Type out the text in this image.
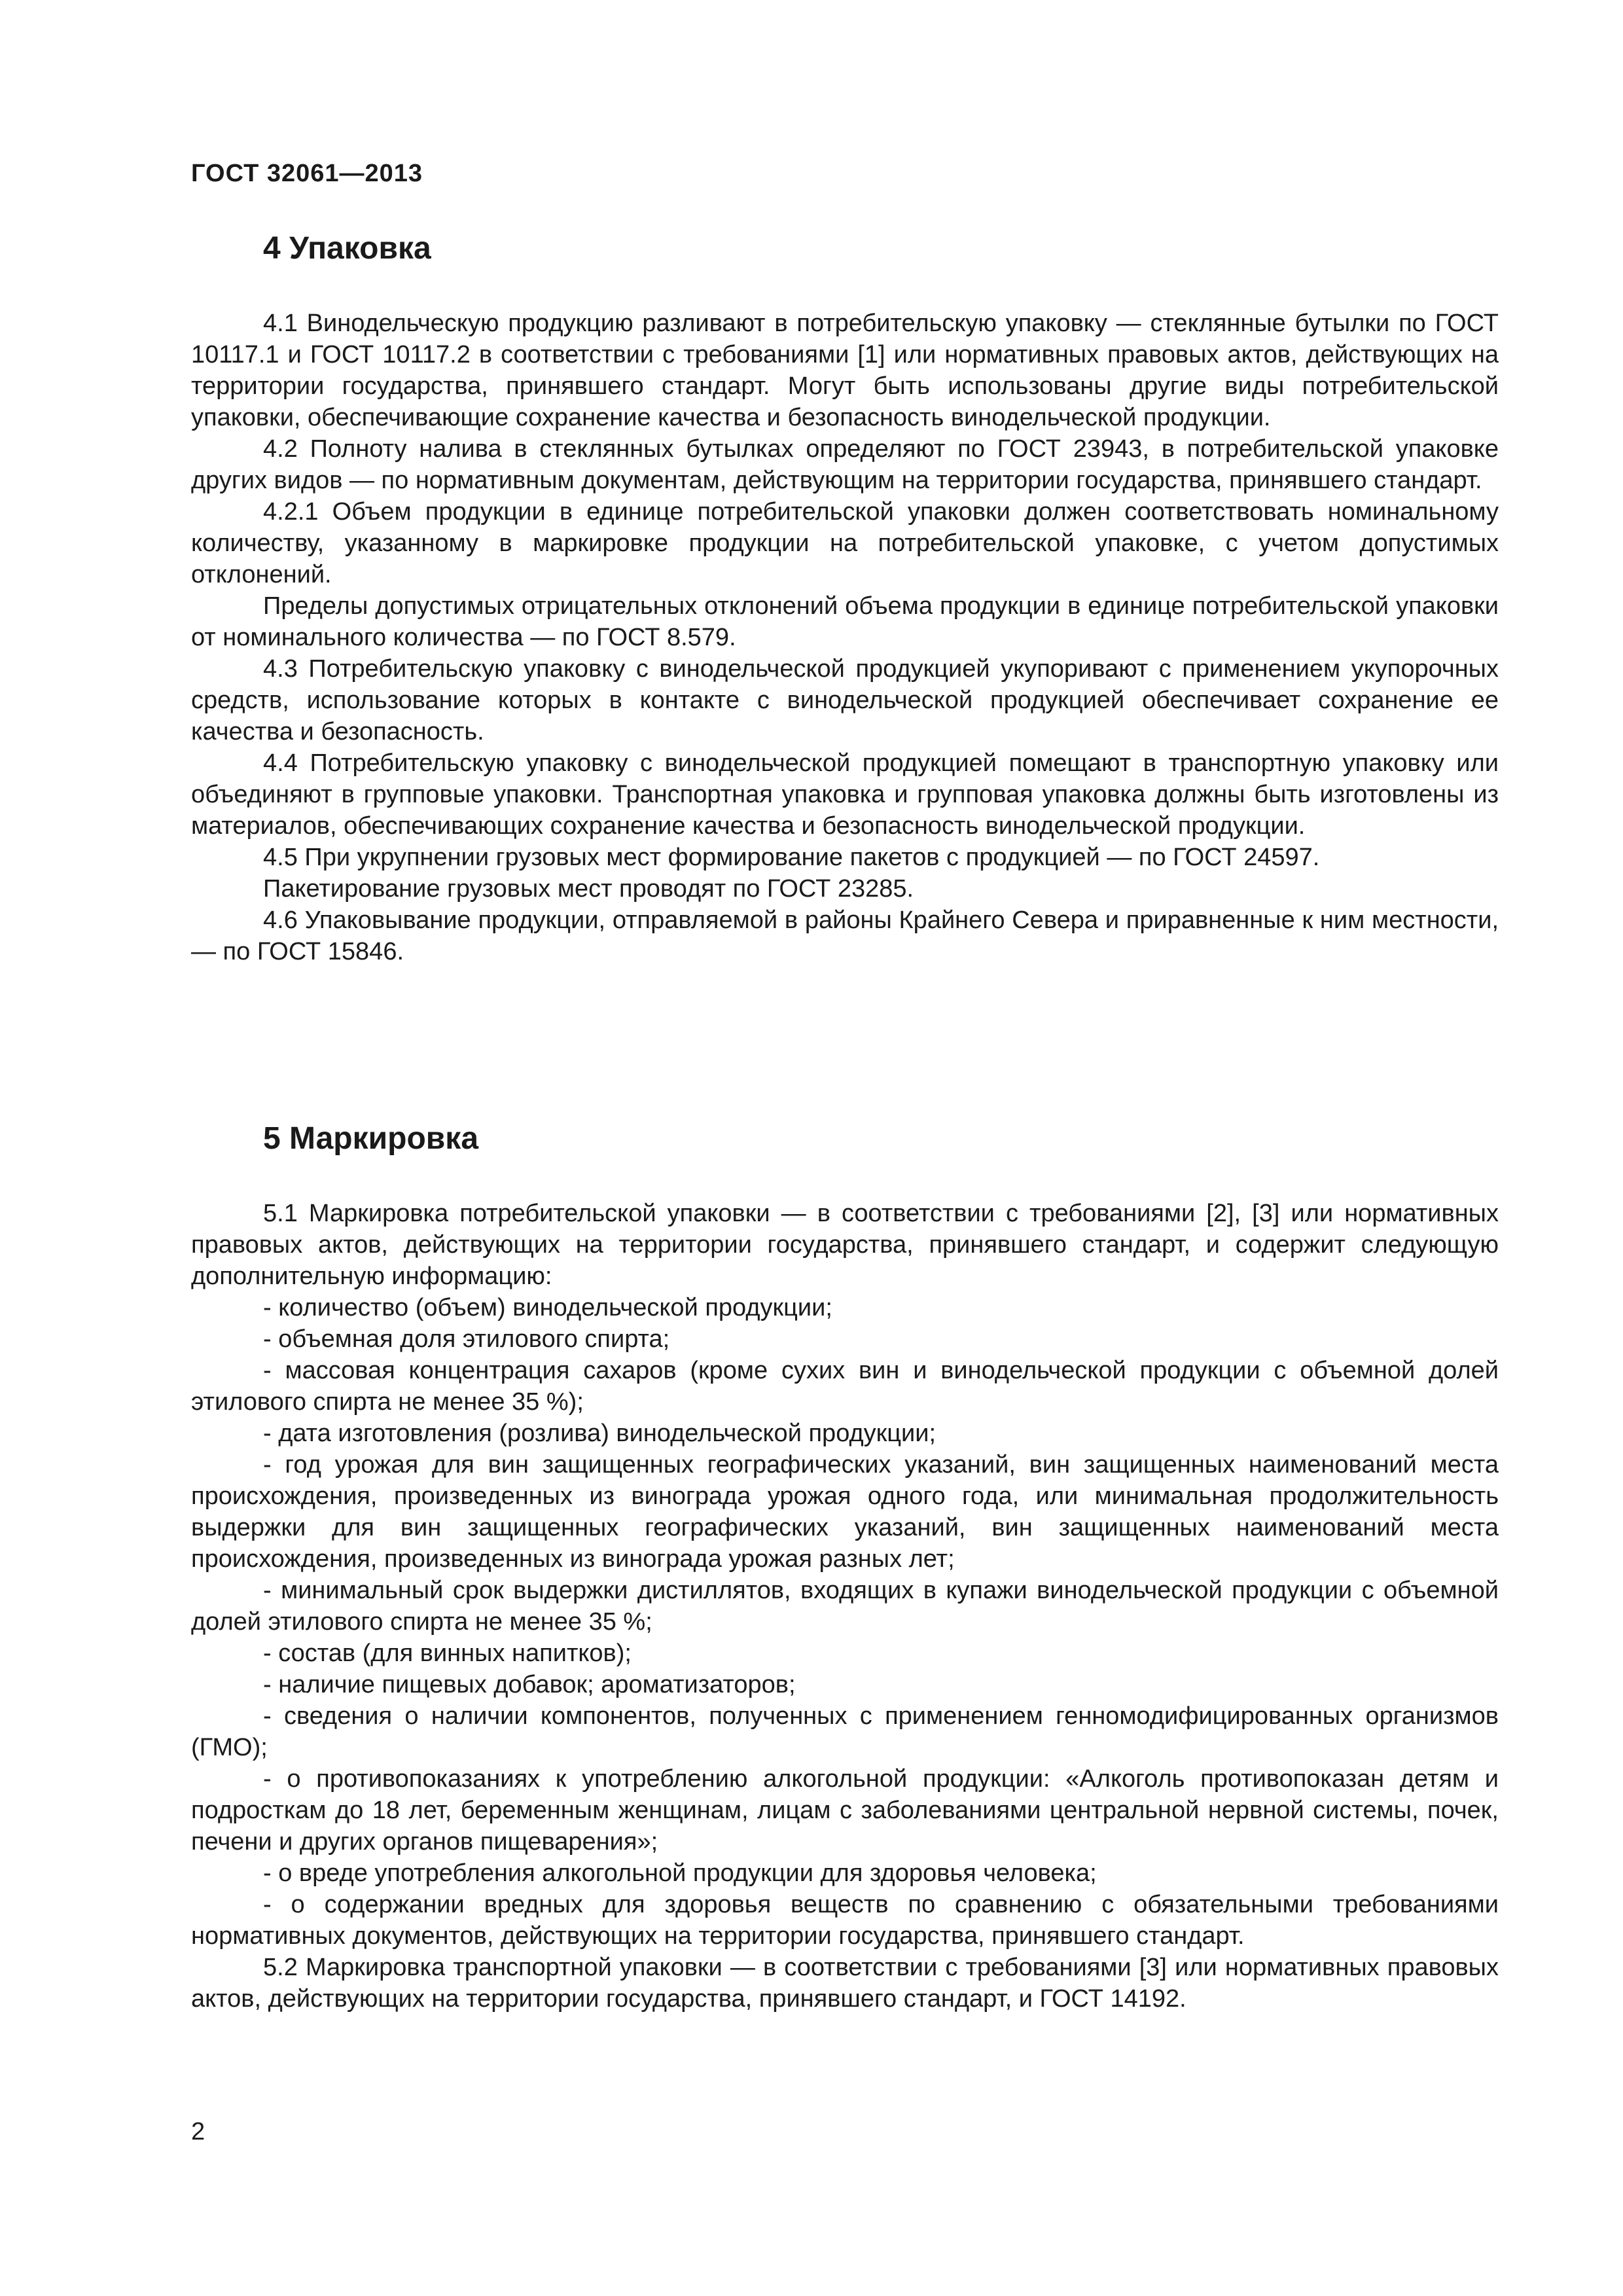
ГОСТ 32061—2013
4 Упаковка

4.1 Винодельческую продукцию разливают в потребительскую упаковку — стеклянные бутылки по ГОСТ 10117.1 и ГОСТ 10117.2 в соответствии с требованиями [1] или нормативных правовых актов, действующих на территории государства, принявшего стандарт. Могут быть использованы другие виды потребительской упаковки, обеспечивающие сохранение качества и безопасность винодельческой продукции.

4.2 Полноту налива в стеклянных бутылках определяют по ГОСТ 23943, в потребительской упаковке других видов — по нормативным документам, действующим на территории государства, принявшего стандарт.

4.2.1 Объем продукции в единице потребительской упаковки должен соответствовать номинальному количеству, указанному в маркировке продукции на потребительской упаковке, с учетом допустимых отклонений.

Пределы допустимых отрицательных отклонений объема продукции в единице потребительской упаковки от номинального количества — по ГОСТ 8.579.

4.3 Потребительскую упаковку с винодельческой продукцией укупоривают с применением укупорочных средств, использование которых в контакте с винодельческой продукцией обеспечивает сохранение ее качества и безопасность.

4.4 Потребительскую упаковку с винодельческой продукцией помещают в транспортную упаковку или объединяют в групповые упаковки. Транспортная упаковка и групповая упаковка должны быть изготовлены из материалов, обеспечивающих сохранение качества и безопасность винодельческой продукции.

4.5 При укрупнении грузовых мест формирование пакетов с продукцией — по ГОСТ 24597.

Пакетирование грузовых мест проводят по ГОСТ 23285.

4.6 Упаковывание продукции, отправляемой в районы Крайнего Севера и приравненные к ним местности, — по ГОСТ 15846.

5 Маркировка

5.1 Маркировка потребительской упаковки — в соответствии с требованиями [2], [3] или нормативных правовых актов, действующих на территории государства, принявшего стандарт, и содержит следующую дополнительную информацию:

- количество (объем) винодельческой продукции;

- объемная доля этилового спирта;

- массовая концентрация сахаров (кроме сухих вин и винодельческой продукции с объемной долей этилового спирта не менее 35 %);

- дата изготовления (розлива) винодельческой продукции;

- год урожая для вин защищенных географических указаний, вин защищенных наименований места происхождения, произведенных из винограда урожая одного года, или минимальная продолжительность выдержки для вин защищенных географических указаний, вин защищенных наименований места происхождения, произведенных из винограда урожая разных лет;

- минимальный срок выдержки дистиллятов, входящих в купажи винодельческой продукции с объемной долей этилового спирта не менее 35 %;

- состав (для винных напитков);

- наличие пищевых добавок; ароматизаторов;

- сведения о наличии компонентов, полученных с применением генномодифицированных организмов (ГМО);

- о противопоказаниях к употреблению алкогольной продукции: «Алкоголь противопоказан детям и подросткам до 18 лет, беременным женщинам, лицам с заболеваниями центральной нервной системы, почек, печени и других органов пищеварения»;

- о вреде употребления алкогольной продукции для здоровья человека;

- о содержании вредных для здоровья веществ по сравнению с обязательными требованиями нормативных документов, действующих на территории государства, принявшего стандарт.

5.2 Маркировка транспортной упаковки — в соответствии с требованиями [3] или нормативных правовых актов, действующих на территории государства, принявшего стандарт, и ГОСТ 14192.

2
